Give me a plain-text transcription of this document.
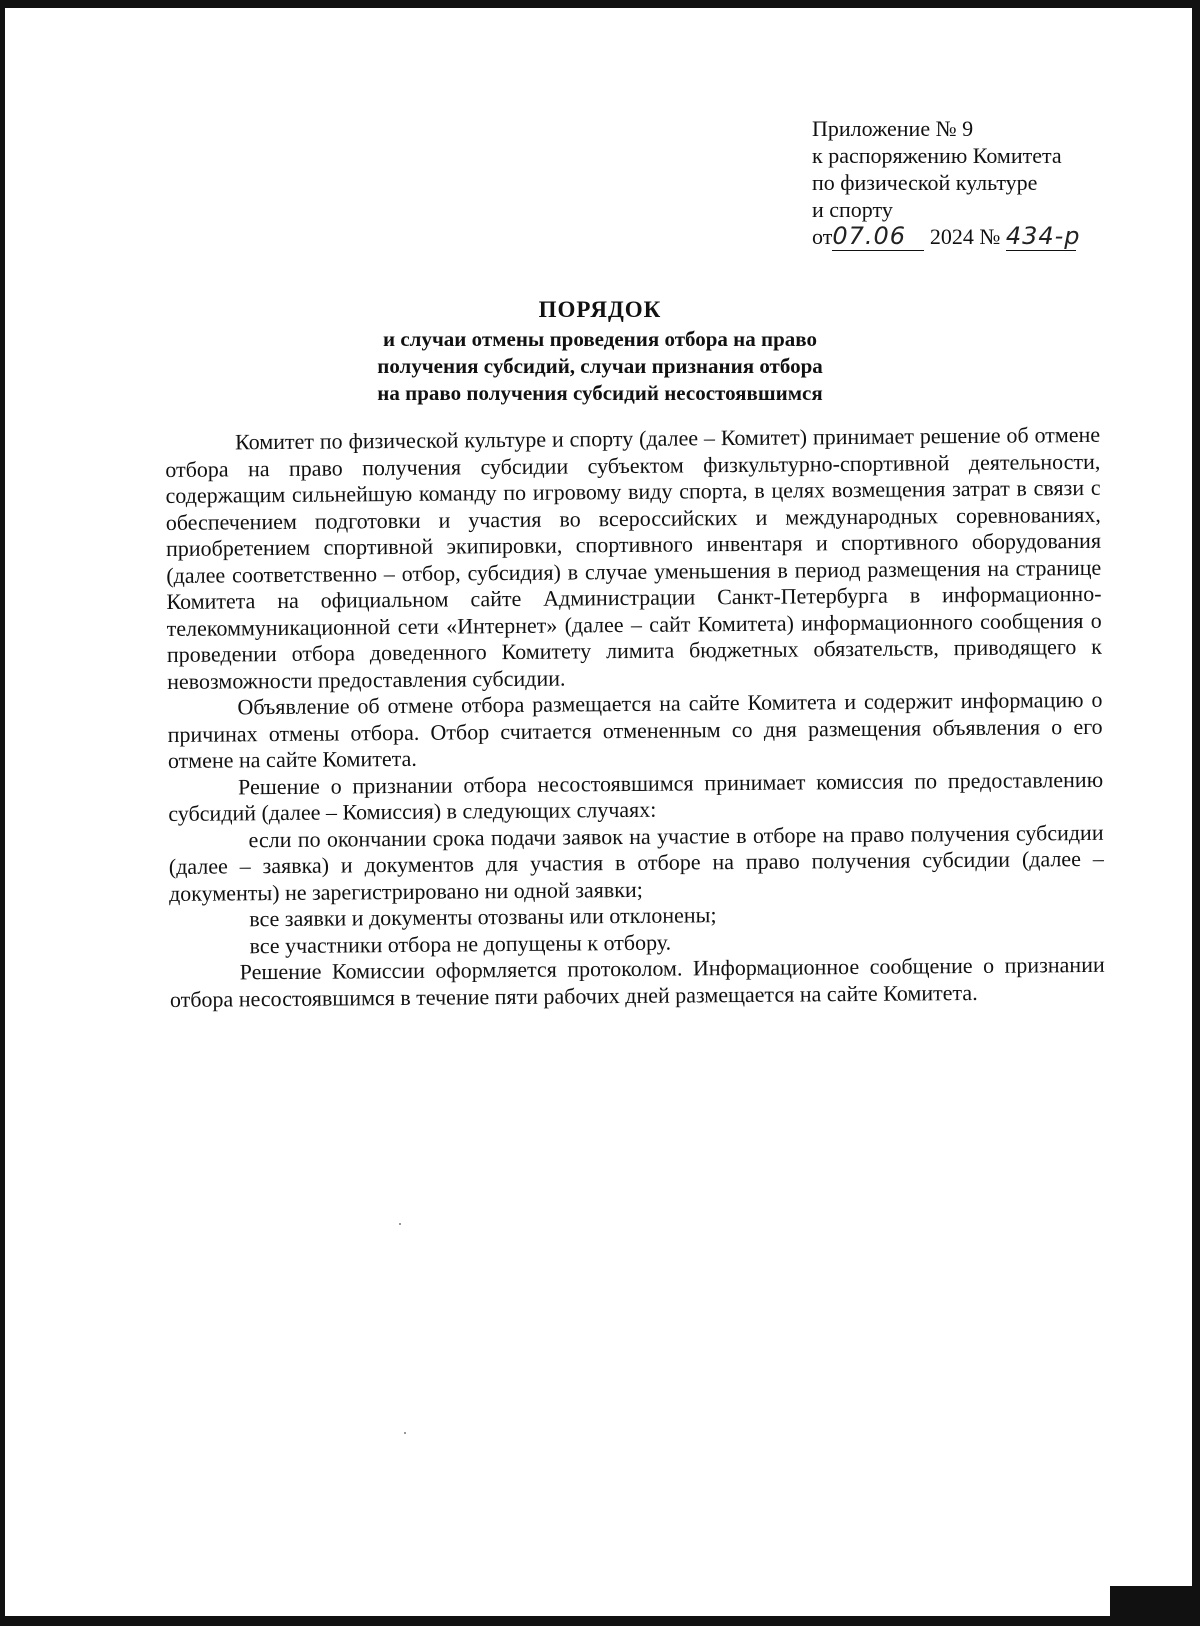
Приложение № 9
к распоряжению Комитета
по физической культуре
и спорту
от07.06 2024 № 434-р
ПОРЯДОК
и случаи отмены проведения отбора на право
получения субсидий, случаи признания отбора
на право получения субсидий несостоявшимся

Комитет по физической культуре и спорту (далее – Комитет) принимает решение об отмене отбора на право получения субсидии субъектом физкультурно-спортивной деятельности, содержащим сильнейшую команду по игровому виду спорта, в целях возмещения затрат в связи с обеспечением подготовки и участия во всероссийских и международных соревнованиях, приобретением спортивной экипировки, спортивного инвентаря и спортивного оборудования (далее соответственно – отбор, субсидия) в случае уменьшения в период размещения на странице Комитета на официальном сайте Администрации Санкт-Петербурга в информационно-телекоммуникационной сети «Интернет» (далее – сайт Комитета) информационного сообщения о проведении отбора доведенного Комитету лимита бюджетных обязательств, приводящего к невозможности предоставления субсидии.

Объявление об отмене отбора размещается на сайте Комитета и содержит информацию о причинах отмены отбора. Отбор считается отмененным со дня размещения объявления о его отмене на сайте Комитета.

Решение о признании отбора несостоявшимся принимает комиссия по предоставлению субсидий (далее – Комиссия) в следующих случаях:

если по окончании срока подачи заявок на участие в отборе на право получения субсидии (далее – заявка) и документов для участия в отборе на право получения субсидии (далее – документы) не зарегистрировано ни одной заявки;

все заявки и документы отозваны или отклонены;

все участники отбора не допущены к отбору.

Решение Комиссии оформляется протоколом. Информационное сообщение о признании отбора несостоявшимся в течение пяти рабочих дней размещается на сайте Комитета.
